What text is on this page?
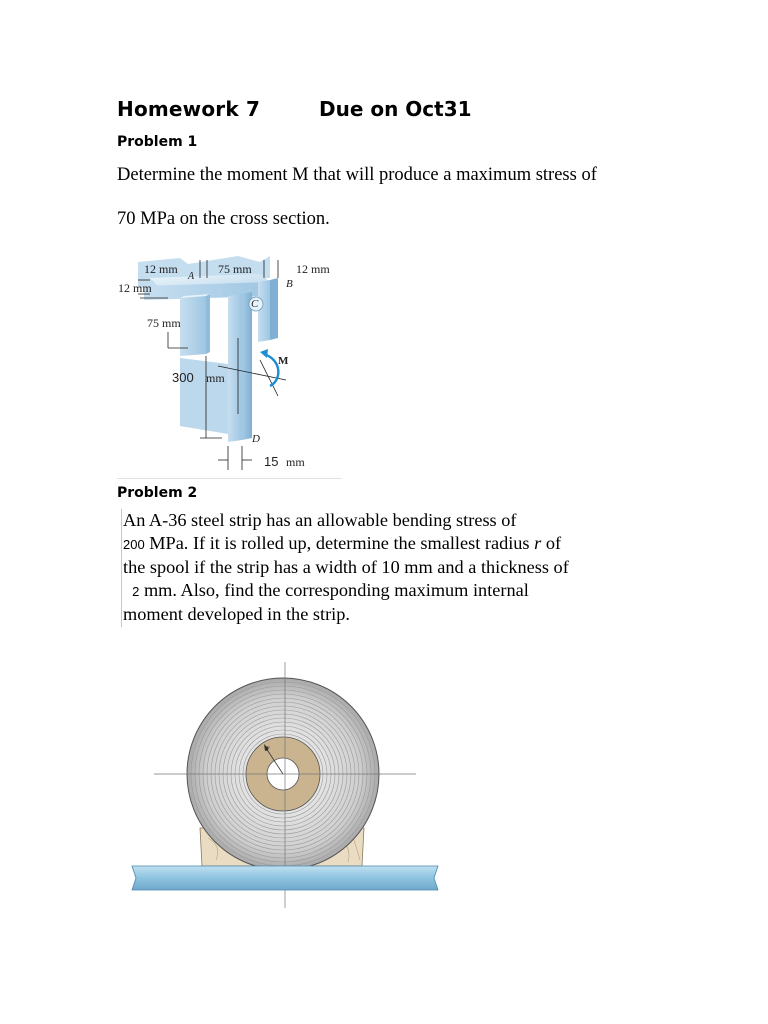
Homework 7	Due on Oct31
Problem 1
Determine the moment M that will produce a maximum stress of
70 MPa on the cross section.
C
12 mm
A
75 mm	12 mm
B
12 mm
75 mm
M
300 mm
D
15 mm
Problem 2
An A-36 steel strip has an allowable bending stress of
200 MPa. If it is rolled up, determine the smallest radius r of
the spool if the strip has a width of 10 mm and a thickness of
2 mm. Also, find the corresponding maximum internal
moment developed in the strip.
r
